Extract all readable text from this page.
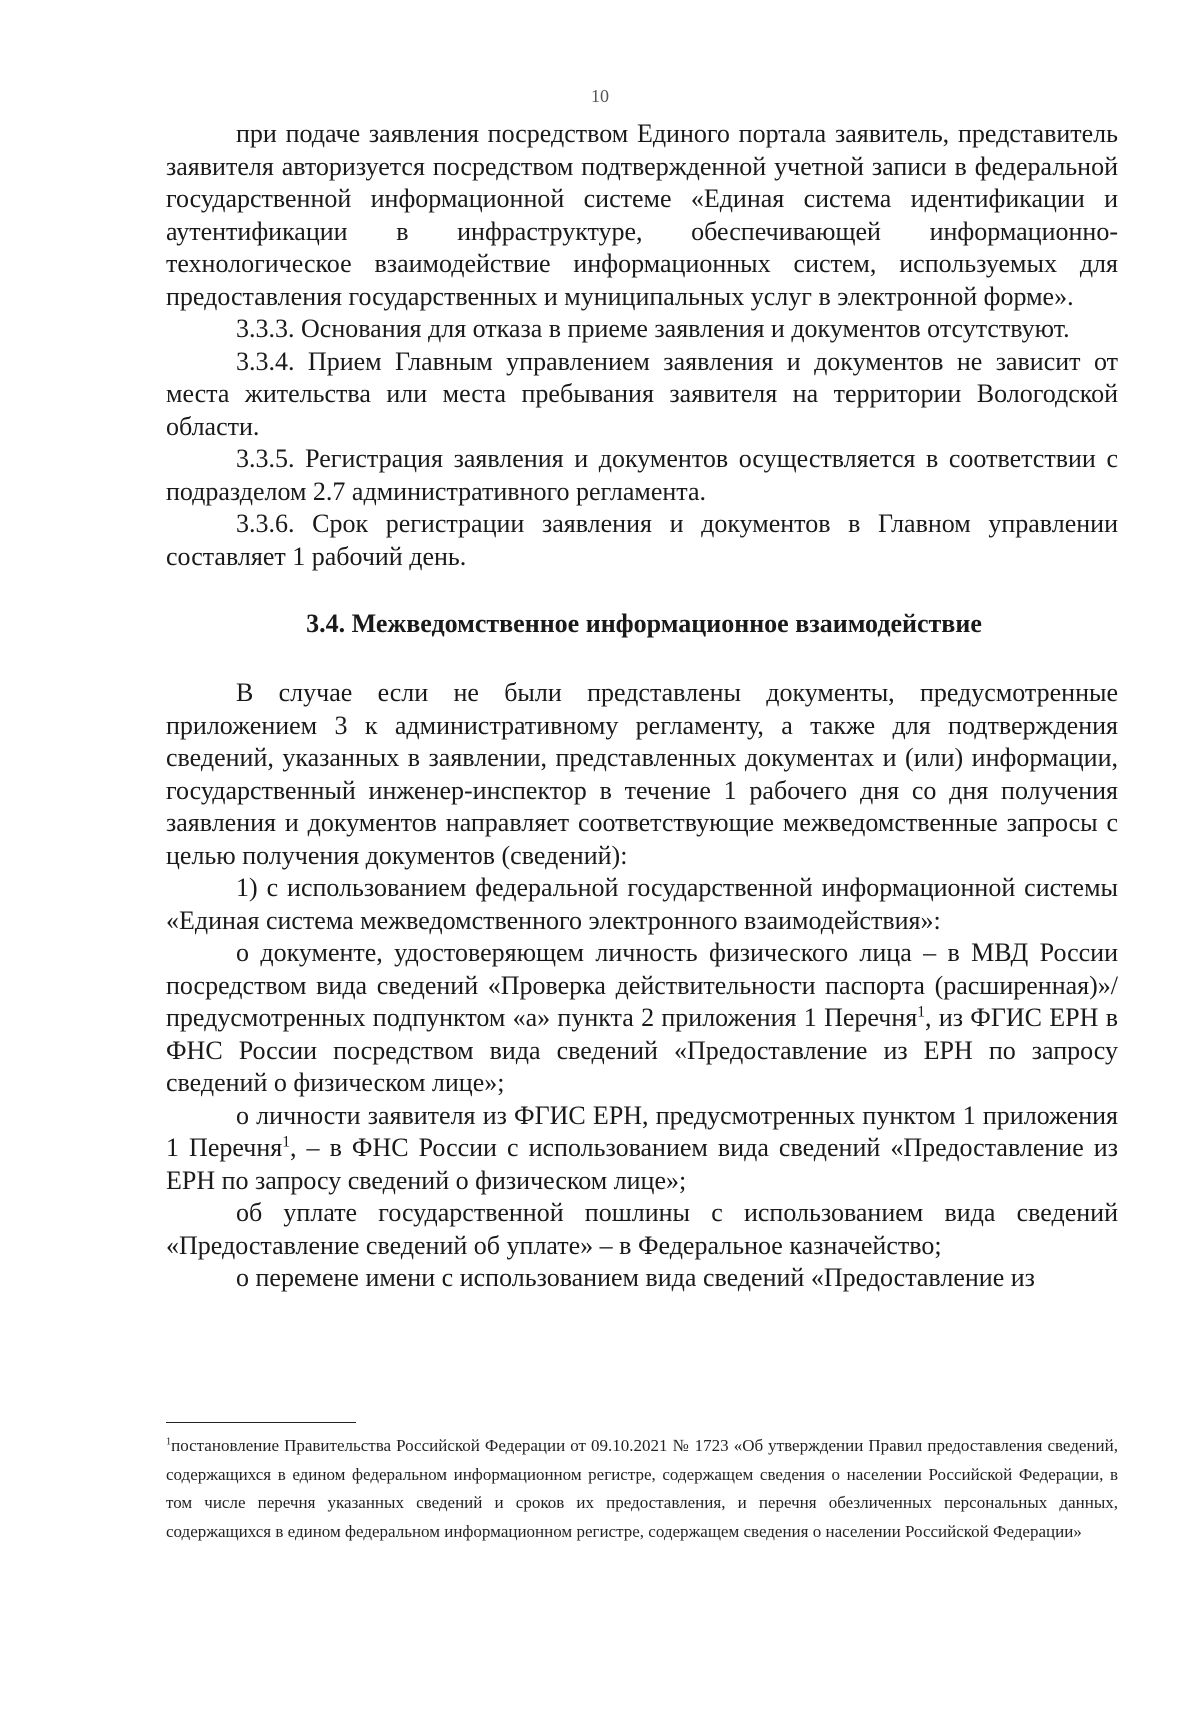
10

при подаче заявления посредством Единого портала заявитель, представитель заявителя авторизуется посредством подтвержденной учетной записи в федеральной государственной информационной системе «Единая система идентификации и аутентификации в инфраструктуре, обеспечивающей информационно-технологическое взаимодействие информационных систем, используемых для предоставления государственных и муниципальных услуг в электронной форме».

3.3.3. Основания для отказа в приеме заявления и документов отсутствуют.

3.3.4. Прием Главным управлением заявления и документов не зависит от места жительства или места пребывания заявителя на территории Вологодской области.

3.3.5. Регистрация заявления и документов осуществляется в соответствии с подразделом 2.7 административного регламента.

3.3.6. Срок регистрации заявления и документов в Главном управлении составляет 1 рабочий день.

3.4. Межведомственное информационное взаимодействие

В случае если не были представлены документы, предусмотренные приложением 3 к административному регламенту, а также для подтверждения сведений, указанных в заявлении, представленных документах и (или) информации, государственный инженер-инспектор в течение 1 рабочего дня со дня получения заявления и документов направляет соответствующие межведомственные запросы с целью получения документов (сведений):

1) с использованием федеральной государственной информационной системы «Единая система межведомственного электронного взаимодействия»:

о документе, удостоверяющем личность физического лица – в МВД России посредством вида сведений «Проверка действительности паспорта (расширенная)»/предусмотренных подпунктом «а» пункта 2 приложения 1 Перечня$^1$, из ФГИС ЕРН в ФНС России посредством вида сведений «Предоставление из ЕРН по запросу сведений о физическом лице»;

о личности заявителя из ФГИС ЕРН, предусмотренных пунктом 1 приложения 1 Перечня$^1$, – в ФНС России с использованием вида сведений «Предоставление из ЕРН по запросу сведений о физическом лице»;

об уплате государственной пошлины с использованием вида сведений «Предоставление сведений об уплате» – в Федеральное казначейство;

о перемене имени с использованием вида сведений «Предоставление из

$^1$постановление Правительства Российской Федерации от 09.10.2021 № 1723 «Об утверждении Правил предоставления сведений, содержащихся в едином федеральном информационном регистре, содержащем сведения о населении Российской Федерации, в том числе перечня указанных сведений и сроков их предоставления, и перечня обезличенных персональных данных, содержащихся в едином федеральном информационном регистре, содержащем сведения о населении Российской Федерации»
